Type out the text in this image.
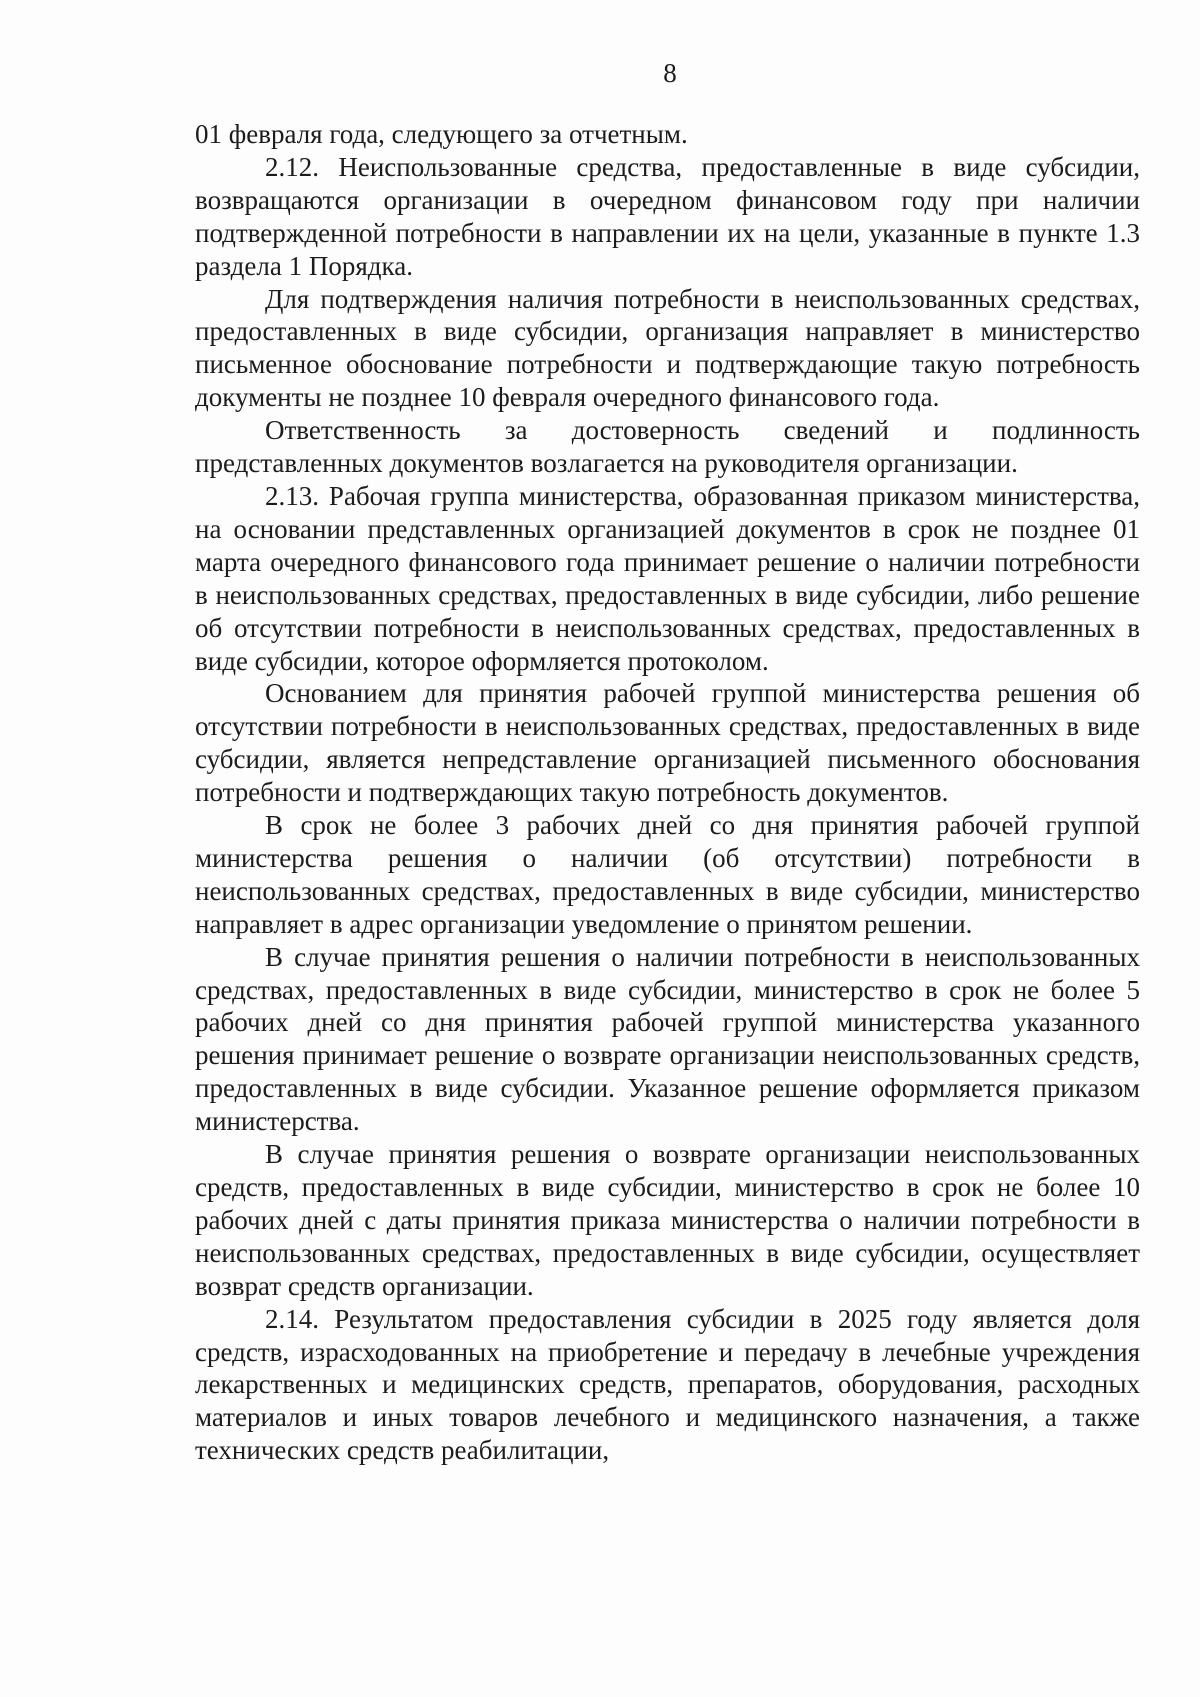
8

01 февраля года, следующего за отчетным.

2.12. Неиспользованные средства, предоставленные в виде субсидии, возвращаются организации в очередном финансовом году при наличии подтвержденной потребности в направлении их на цели, указанные в пункте 1.3 раздела 1 Порядка.

Для подтверждения наличия потребности в неиспользованных средствах, предоставленных в виде субсидии, организация направляет в министерство письменное обоснование потребности и подтверждающие такую потребность документы не позднее 10 февраля очередного финансового года.

Ответственность за достоверность сведений и подлинность представленных документов возлагается на руководителя организации.

2.13. Рабочая группа министерства, образованная приказом министерства, на основании представленных организацией документов в срок не позднее 01 марта очередного финансового года принимает решение о наличии потребности в неиспользованных средствах, предоставленных в виде субсидии, либо решение об отсутствии потребности в неиспользованных средствах, предоставленных в виде субсидии, которое оформляется протоколом.

Основанием для принятия рабочей группой министерства решения об отсутствии потребности в неиспользованных средствах, предоставленных в виде субсидии, является непредставление организацией письменного обоснования потребности и подтверждающих такую потребность документов.

В срок не более 3 рабочих дней со дня принятия рабочей группой министерства решения о наличии (об отсутствии) потребности в неиспользованных средствах, предоставленных в виде субсидии, министерство направляет в адрес организации уведомление о принятом решении.

В случае принятия решения о наличии потребности в неиспользованных средствах, предоставленных в виде субсидии, министерство в срок не более 5 рабочих дней со дня принятия рабочей группой министерства указанного решения принимает решение о возврате организации неиспользованных средств, предоставленных в виде субсидии. Указанное решение оформляется приказом министерства.

В случае принятия решения о возврате организации неиспользованных средств, предоставленных в виде субсидии, министерство в срок не более 10 рабочих дней с даты принятия приказа министерства о наличии потребности в неиспользованных средствах, предоставленных в виде субсидии, осуществляет возврат средств организации.

2.14. Результатом предоставления субсидии в 2025 году является доля средств, израсходованных на приобретение и передачу в лечебные учреждения лекарственных и медицинских средств, препаратов, оборудования, расходных материалов и иных товаров лечебного и медицинского назначения, а также технических средств реабилитации,
